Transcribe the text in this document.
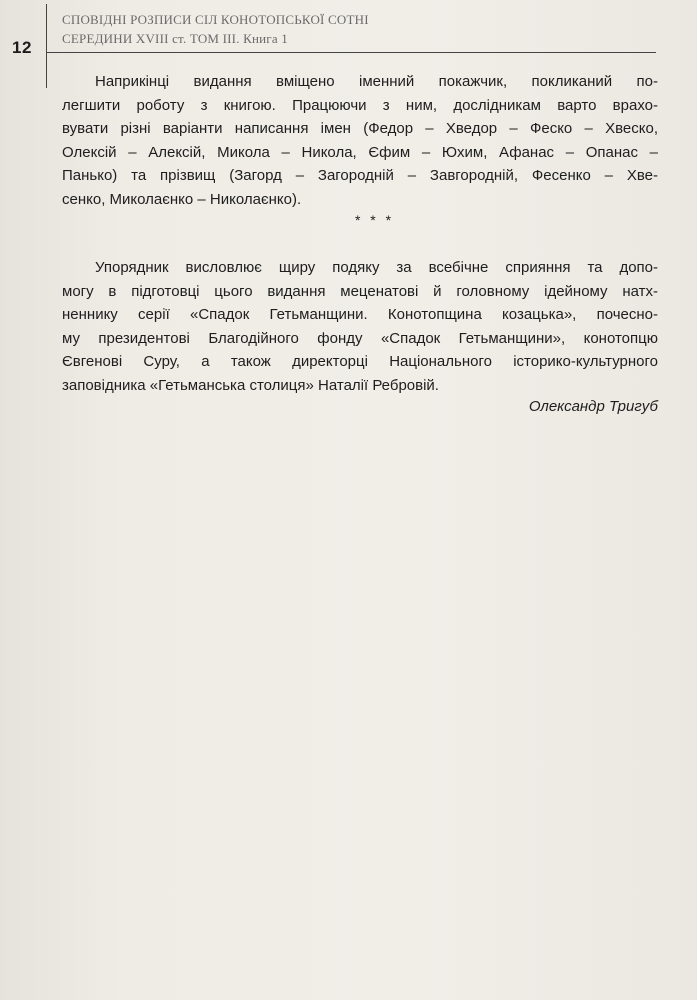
12
СПОВІДНІ РОЗПИСИ СІЛ КОНОТОПСЬКОЇ СОТНІ
СЕРЕДИНИ XVIII ст. ТОМ III. Книга 1
Наприкінці видання вміщено іменний покажчик, покликаний по-
легшити роботу з книгою. Працюючи з ним, дослідникам варто врахо-
вувати різні варіанти написання імен (Федор – Хведор – Феско – Хвеско,
Олексій – Алексій, Микола – Никола, Єфим – Юхим, Афанас – Опанас –
Панько) та прізвищ (Загорд – Загородній – Завгородній, Фесенко – Хве-
сенко, Миколаєнко – Николаєнко).
* * *
Упорядник висловлює щиру подяку за всебічне сприяння та допо-
могу в підготовці цього видання меценатові й головному ідейному натх-
неннику серії «Спадок Гетьманщини. Конотопщина козацька», почесно-
му президентові Благодійного фонду «Спадок Гетьманщини», конотопцю
Євгенові Суру, а також директорці Національного історико-культурного
заповідника «Гетьманська столиця» Наталії Ребровій.
Олександр Тригуб
